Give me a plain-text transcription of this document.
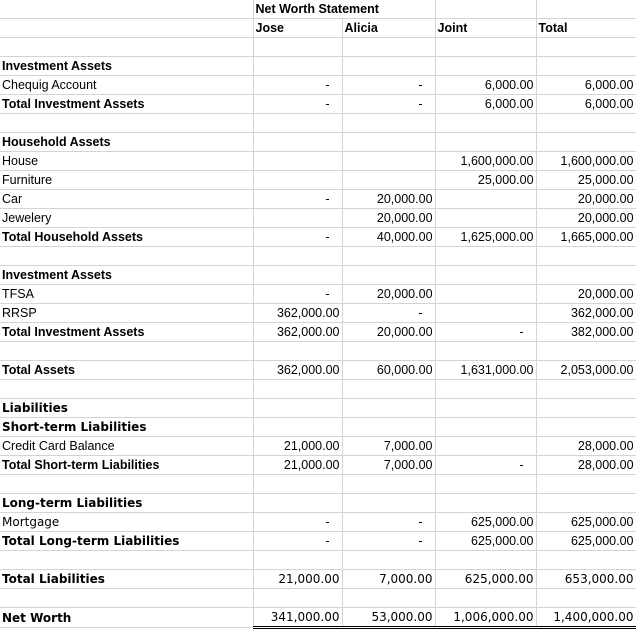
	Net Worth Statement			
	Jose	Alicia	Joint	Total

Investment Assets				
Chequig Account	-	-	6,000.00	6,000.00
Total Investment Assets	-	-	6,000.00	6,000.00

Household Assets				
House			1,600,000.00	1,600,000.00
Furniture			25,000.00	25,000.00
Car	-	20,000.00		20,000.00
Jewelery		20,000.00		20,000.00
Total Household Assets	-	40,000.00	1,625,000.00	1,665,000.00

Investment Assets				
TFSA	-	20,000.00		20,000.00
RRSP	362,000.00	-		362,000.00
Total Investment Assets	362,000.00	20,000.00	-	382,000.00

Total Assets	362,000.00	60,000.00	1,631,000.00	2,053,000.00

Liabilities				
Short-term Liabilities				
Credit Card Balance	21,000.00	7,000.00		28,000.00
Total Short-term Liabilities	21,000.00	7,000.00	-	28,000.00

Long-term Liabilities				
Mortgage	-	-	625,000.00	625,000.00
Total Long-term Liabilities	-	-	625,000.00	625,000.00

Total Liabilities	21,000.00	7,000.00	625,000.00	653,000.00

Net Worth	341,000.00	53,000.00	1,006,000.00	1,400,000.00
